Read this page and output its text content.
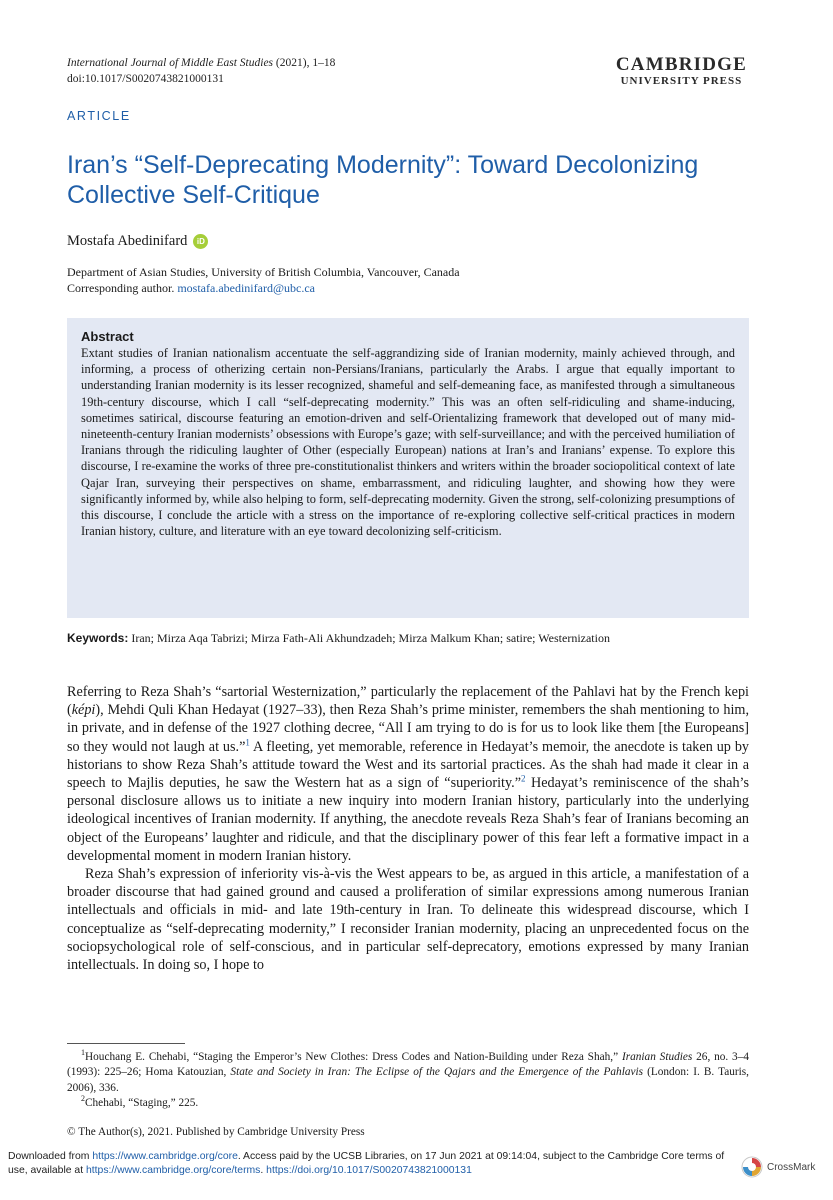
International Journal of Middle East Studies (2021), 1–18
doi:10.1017/S0020743821000131
CAMBRIDGE
UNIVERSITY PRESS
ARTICLE
Iran’s “Self-Deprecating Modernity”: Toward Decolonizing
Collective Self-Critique
Mostafa Abedinifard	iD
Department of Asian Studies, University of British Columbia, Vancouver, Canada
Corresponding author. mostafa.abedinifard@ubc.ca
Abstract

Extant studies of Iranian nationalism accentuate the self-aggrandizing side of Iranian modernity, mainly achieved through, and informing, a process of otherizing certain non-Persians/Iranians, particularly the Arabs. I argue that equally important to understanding Iranian modernity is its lesser recognized, shameful and self-demeaning face, as manifested through a simultaneous 19th-century discourse, which I call “self-deprecating modernity.” This was an often self-ridiculing and shame-inducing, sometimes satirical, discourse featuring an emotion-driven and self-Orientalizing framework that developed out of many mid-nineteenth-century Iranian modernists’ obsessions with Europe’s gaze; with self-surveillance; and with the perceived humiliation of Iranians through the ridiculing laughter of Other (especially European) nations at Iran’s and Iranians’ expense. To explore this discourse, I re-examine the works of three pre-constitutionalist thinkers and writers within the broader sociopolitical context of late Qajar Iran, surveying their perspectives on shame, embarrassment, and ridiculing laughter, and showing how they were significantly informed by, while also helping to form, self-deprecating modernity. Given the strong, self-colonizing presumptions of this discourse, I conclude the article with a stress on the importance of re-exploring collective self-critical practices in modern Iranian history, culture, and literature with an eye toward decolonizing self-criticism.

Keywords: Iran; Mirza Aqa Tabrizi; Mirza Fath-Ali Akhundzadeh; Mirza Malkum Khan; satire; Westernization

Referring to Reza Shah’s “sartorial Westernization,” particularly the replacement of the Pahlavi hat by the French kepi (képi), Mehdi Quli Khan Hedayat (1927–33), then Reza Shah’s prime minister, remembers the shah mentioning to him, in private, and in defense of the 1927 clothing decree, “All I am trying to do is for us to look like them [the Europeans] so they would not laugh at us.”$^1$ A fleeting, yet memorable, reference in Hedayat’s memoir, the anecdote is taken up by historians to show Reza Shah’s attitude toward the West and its sartorial practices. As the shah had made it clear in a speech to Majlis deputies, he saw the Western hat as a sign of “superiority.”$^2$ Hedayat’s reminiscence of the shah’s personal disclosure allows us to initiate a new inquiry into modern Iranian history, particularly into the underlying ideological incentives of Iranian modernity. If anything, the anecdote reveals Reza Shah’s fear of Iranians becoming an object of the Europeans’ laughter and ridicule, and that the disciplinary power of this fear left a formative impact in a developmental moment in modern Iranian history.

Reza Shah’s expression of inferiority vis-à-vis the West appears to be, as argued in this article, a manifestation of a broader discourse that had gained ground and caused a proliferation of similar expressions among numerous Iranian intellectuals and officials in mid- and late 19th-century in Iran. To delineate this widespread discourse, which I conceptualize as “self-deprecating modernity,” I reconsider Iranian modernity, placing an unprecedented focus on the sociopsychological role of self-conscious, and in particular self-deprecatory, emotions expressed by many Iranian intellectuals. In doing so, I hope to

$^1$Houchang E. Chehabi, “Staging the Emperor’s New Clothes: Dress Codes and Nation-Building under Reza Shah,” Iranian Studies 26, no. 3–4 (1993): 225–26; Homa Katouzian, State and Society in Iran: The Eclipse of the Qajars and the Emergence of the Pahlavis (London: I. B. Tauris, 2006), 336.

$^2$Chehabi, “Staging,” 225.

© The Author(s), 2021. Published by Cambridge University Press
Downloaded from https://www.cambridge.org/core. Access paid by the UCSB Libraries, on 17 Jun 2021 at 09:14:04, subject to the Cambridge Core terms of use, available at https://www.cambridge.org/core/terms. https://doi.org/10.1017/S0020743821000131	CrossMark
